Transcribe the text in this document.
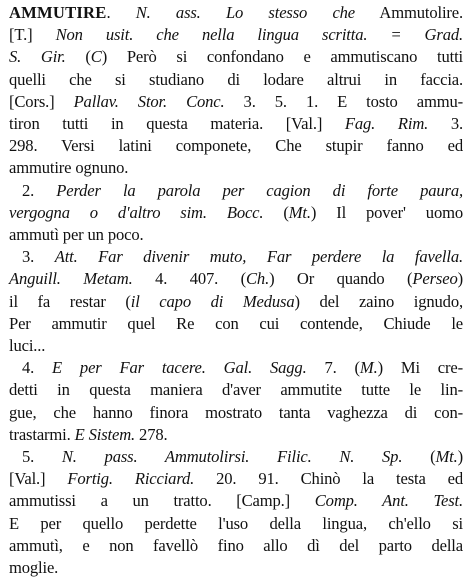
AMMUTIRE. N. ass. Lo stesso che Ammutolire.
[T.] Non usit. che nella lingua scritta. = Grad.
S. Gir. (C) Però si confondano e ammutiscano tutti
quelli che si studiano di lodare altrui in faccia.
[Cors.] Pallav. Stor. Conc. 3. 5. 1. E tosto ammu-
tiron tutti in questa materia. [Val.] Fag. Rim. 3.
298. Versi latini componete, Che stupir fanno ed
ammutire ognuno.
2. Perder la parola per cagion di forte paura,
vergogna o d'altro sim. Bocc. (Mt.) Il pover' uomo
ammutì per un poco.
3. Att. Far divenir muto, Far perdere la favella.
Anguill. Metam. 4. 407. (Ch.) Or quando (Perseo)
il fa restar (il capo di Medusa) del zaino ignudo,
Per ammutir quel Re con cui contende, Chiude le
luci...
4. E per Far tacere. Gal. Sagg. 7. (M.) Mi cre-
detti in questa maniera d'aver ammutite tutte le lin-
gue, che hanno finora mostrato tanta vaghezza di con-
trastarmi. E Sistem. 278.
5. N. pass. Ammutolirsi. Filic. N. Sp. (Mt.)
[Val.] Fortig. Ricciard. 20. 91. Chinò la testa ed
ammutissi a un tratto. [Camp.] Comp. Ant. Test.
E per quello perdette l'uso della lingua, ch'ello si
ammutì, e non favellò fino allo dì del parto della
moglie.
